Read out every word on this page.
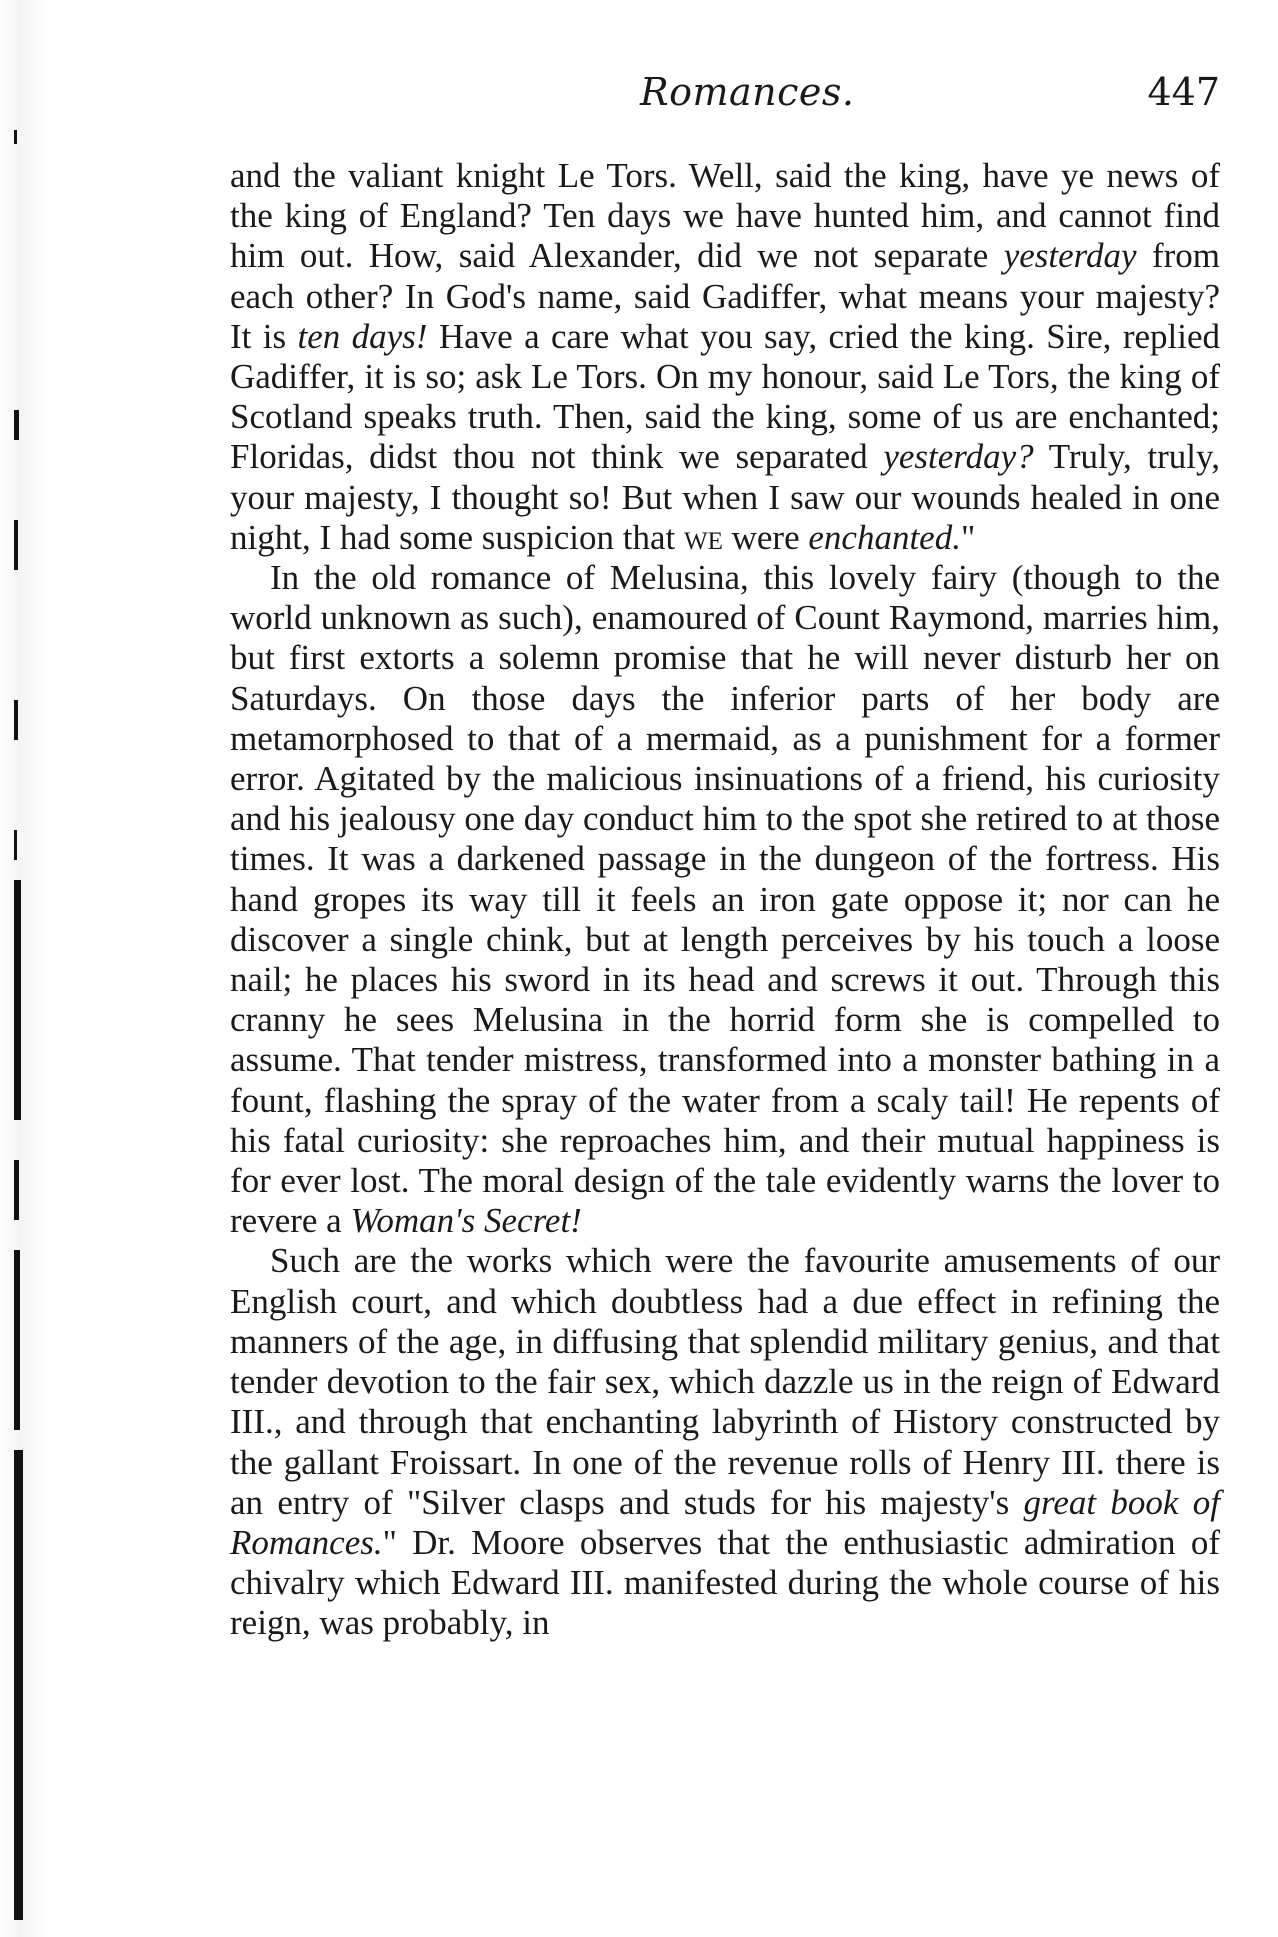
Romances.	447

and the valiant knight Le Tors. Well, said the king, have ye news of the king of England? Ten days we have hunted him, and cannot find him out. How, said Alexander, did we not separate yesterday from each other? In God's name, said Gadiffer, what means your majesty? It is ten days! Have a care what you say, cried the king. Sire, replied Gadiffer, it is so; ask Le Tors. On my honour, said Le Tors, the king of Scotland speaks truth. Then, said the king, some of us are enchanted; Floridas, didst thou not think we separated yesterday? Truly, truly, your majesty, I thought so! But when I saw our wounds healed in one night, I had some suspicion that we were enchanted."

In the old romance of Melusina, this lovely fairy (though to the world unknown as such), enamoured of Count Raymond, marries him, but first extorts a solemn promise that he will never disturb her on Saturdays. On those days the inferior parts of her body are metamorphosed to that of a mermaid, as a punishment for a former error. Agitated by the malicious insinuations of a friend, his curiosity and his jealousy one day conduct him to the spot she retired to at those times. It was a darkened passage in the dungeon of the fortress. His hand gropes its way till it feels an iron gate oppose it; nor can he discover a single chink, but at length perceives by his touch a loose nail; he places his sword in its head and screws it out. Through this cranny he sees Melusina in the horrid form she is compelled to assume. That tender mistress, transformed into a monster bathing in a fount, flashing the spray of the water from a scaly tail! He repents of his fatal curiosity: she reproaches him, and their mutual happiness is for ever lost. The moral design of the tale evidently warns the lover to revere a Woman's Secret!

Such are the works which were the favourite amusements of our English court, and which doubtless had a due effect in refining the manners of the age, in diffusing that splendid military genius, and that tender devotion to the fair sex, which dazzle us in the reign of Edward III., and through that enchanting labyrinth of History constructed by the gallant Froissart. In one of the revenue rolls of Henry III. there is an entry of "Silver clasps and studs for his majesty's great book of Romances." Dr. Moore observes that the enthusiastic admiration of chivalry which Edward III. manifested during the whole course of his reign, was probably, in
